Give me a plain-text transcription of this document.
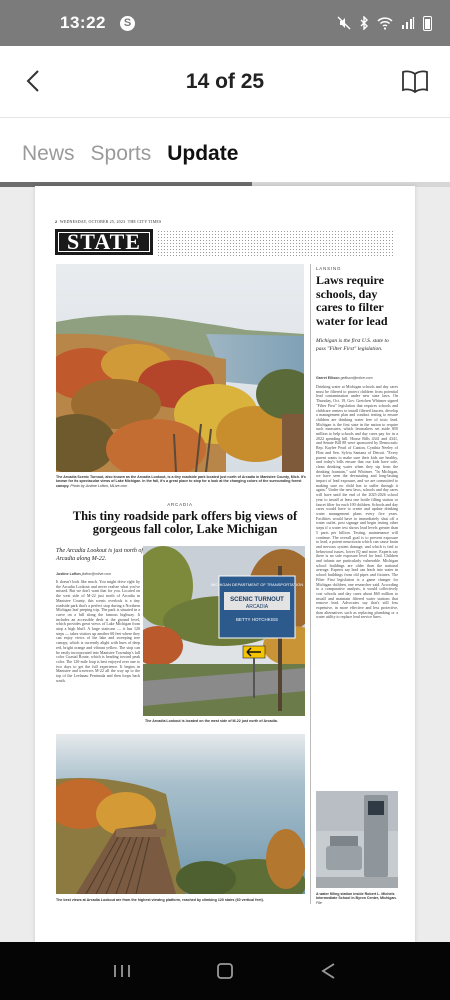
13:22	S
14 of 25
News Sports Update
2 WEDNESDAY, OCTOBER 25, 2023 THE CITY TIMES
STATE
The Arcadia Scenic Turnout, also known as the Arcadia Lookout, is a tiny roadside park located just north of Arcadia in Manistee County, Mich. It's known for its spectacular views of Lake Michigan. In the fall, it's a great place to stop for a look at the changing colors of the surrounding forest canopy. Photo by Justine Lofton, MLive.com
ARCADIA
This tiny roadside park offers big views of gorgeous fall color, Lake Michigan
The Arcadia Lookout is just north of Arcadia along M-22.
Justine Lofton jlofton@mlive.com
It doesn't look like much. You might drive right by the Arcadia Lookout and never realize what you've missed. But we don't want that for you. Located on the west side of M-22 just north of Arcadia in Manistee County, this scenic overlook is a tiny roadside park that's a perfect stop during a Northern Michigan leaf peeping trip. The park is situated in a curve on a hill along the famous highway. It includes an accessible deck at the ground level, which provides great views of Lake Michigan from atop a high bluff. A large staircase — it has 120 steps — takes visitors up another 60 feet where they can enjoy views of the lake and sweeping tree canopy, which is currently alight with hues of deep red, bright orange and vibrant yellow. The stop can be easily incorporated into Manistee Township's fall color Coastal Route, which is heading toward peak color. The 120-mile loop is best enjoyed over one to two days to get the full experience. It begins in Manistee and traverses M-22 all the way up to the top of the Leelanau Peninsula and then loops back south.
MICHIGAN DEPARTMENT OF TRANSPORTATION
SCENIC TURNOUT
ARCADIA
BETTY HOTCHKISS
The Arcadia Lookout is located on the west side of M-22 just north of Arcadia.
The best views at Arcadia Lookout are from the highest viewing platform, reached by climbing 120 stairs (60 vertical feet).
LANSING
Laws require schools, day cares to filter water for lead
Michigan is the first U.S. state to pass "Filter First" legislation.
Garret Ellison gellison@mlive.com
Drinking water at Michigan schools and day cares must be filtered to protect children from potential lead contamination under new state laws. On Thursday, Oct. 19, Gov. Gretchen Whitmer signed "Filter First" legislation that requires schools and childcare centers to install filtered faucets, develop a management plan and conduct testing to ensure children are drinking water free of toxic lead. Michigan is the first state in the nation to require such measures, which lawmakers set aside $50 million to help schools and day cares pay for in a 2022 spending bill. House Bills 4341 and 4341, and Senate Bill 88 were sponsored by Democratic Rep. Kaylee Pearl of Canton, Cynthia Neeley of Flint and Sen. Sylvia Santana of Detroit. "Every parent wants to make sure their kids are healthy, and today's bills ensure that our kids have safe, clean drinking water when they sip from the drinking fountain," said Whitmer. "In Michigan, we have seen the devastating and long-lasting impact of lead exposure, and we are committed to making sure no child has to suffer through it again." Under the new laws, schools and day cares will have until the end of the 2025-2026 school year to install at least one bottle filling station or faucet filter for each 100 children. Schools and day cares would have to create and update drinking water management plans every five years. Facilities would have to immediately shut off a water outlet, post signage and begin testing other steps if a water test shows lead levels greater than 5 parts per billion. Testing, maintenance will continue. The overall goal is to prevent exposure to lead, a potent neurotoxin which can cause brain and nervous system damage, and which is tied to behavioral issues, lower IQ and more. Experts say there is no safe exposure level for lead. Children and infants are particularly vulnerable. Michigan school buildings are older than the national average. Experts say lead can leach into water in school buildings from old pipes and fixtures. The Filter First legislation is a game changer for Michigan children, one researcher said. According to a comparative analysis, it would collectively cost schools and day cares about $60 million to install and maintain filtered water stations that remove lead. Advocates say that's still less expensive, in more effective and less protective, than alternatives such as replacing plumbing or a water utility to replace lead service lines.
A water filling station inside Robert L. Michels Intermediate School in Byron Center, Michigan. File
